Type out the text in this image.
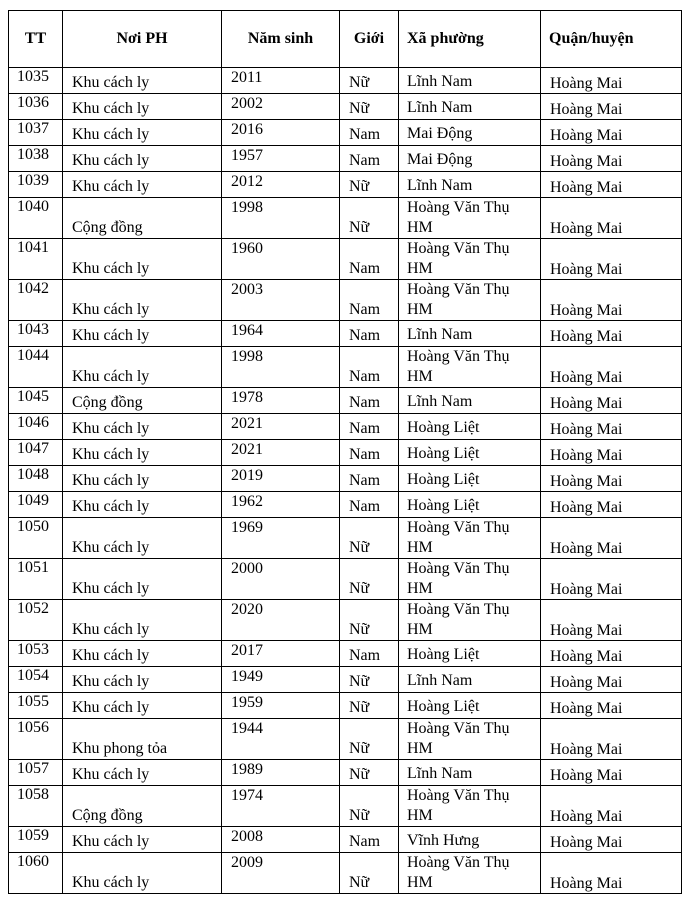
TT	Nơi PH	Năm sinh	Giới	Xã phường	Quận/huyện

1035	Khu cách ly	2011	Nữ	Lĩnh Nam	Hoàng Mai

1036	Khu cách ly	2002	Nữ	Lĩnh Nam	Hoàng Mai

1037	Khu cách ly	2016	Nam	Mai Động	Hoàng Mai

1038	Khu cách ly	1957	Nam	Mai Động	Hoàng Mai

1039	Khu cách ly	2012	Nữ	Lĩnh Nam	Hoàng Mai

1040	Cộng đồng	1998	Nữ	Hoàng Văn Thụ HM	Hoàng Mai

1041	Khu cách ly	1960	Nam	Hoàng Văn Thụ HM	Hoàng Mai

1042	Khu cách ly	2003	Nam	Hoàng Văn Thụ HM	Hoàng Mai

1043	Khu cách ly	1964	Nam	Lĩnh Nam	Hoàng Mai

1044	Khu cách ly	1998	Nam	Hoàng Văn Thụ HM	Hoàng Mai

1045	Cộng đồng	1978	Nam	Lĩnh Nam	Hoàng Mai

1046	Khu cách ly	2021	Nam	Hoàng Liệt	Hoàng Mai

1047	Khu cách ly	2021	Nam	Hoàng Liệt	Hoàng Mai

1048	Khu cách ly	2019	Nam	Hoàng Liệt	Hoàng Mai

1049	Khu cách ly	1962	Nam	Hoàng Liệt	Hoàng Mai

1050	Khu cách ly	1969	Nữ	Hoàng Văn Thụ HM	Hoàng Mai

1051	Khu cách ly	2000	Nữ	Hoàng Văn Thụ HM	Hoàng Mai

1052	Khu cách ly	2020	Nữ	Hoàng Văn Thụ HM	Hoàng Mai

1053	Khu cách ly	2017	Nam	Hoàng Liệt	Hoàng Mai

1054	Khu cách ly	1949	Nữ	Lĩnh Nam	Hoàng Mai

1055	Khu cách ly	1959	Nữ	Hoàng Liệt	Hoàng Mai

1056	Khu phong tỏa	1944	Nữ	Hoàng Văn Thụ HM	Hoàng Mai

1057	Khu cách ly	1989	Nữ	Lĩnh Nam	Hoàng Mai

1058	Cộng đồng	1974	Nữ	Hoàng Văn Thụ HM	Hoàng Mai

1059	Khu cách ly	2008	Nam	Vĩnh Hưng	Hoàng Mai

1060	Khu cách ly	2009	Nữ	Hoàng Văn Thụ HM	Hoàng Mai
